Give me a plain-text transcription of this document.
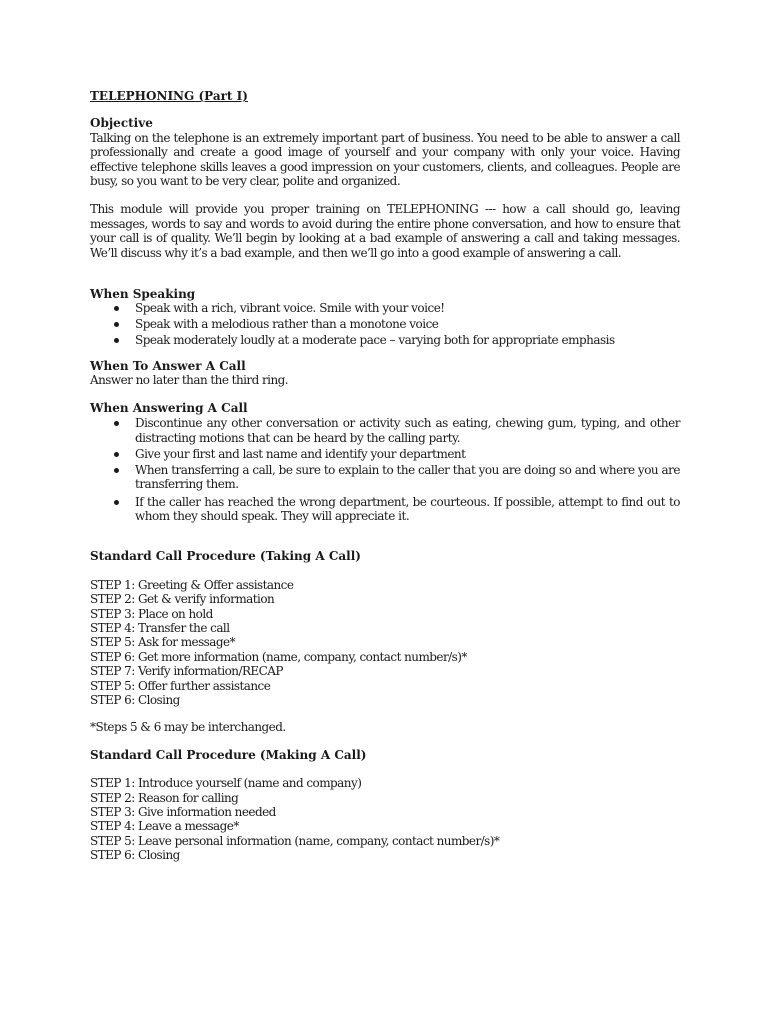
TELEPHONING (Part I)
Objective
Talking on the telephone is an extremely important part of business. You need to be able to answer a call professionally and create a good image of yourself and your company with only your voice. Having effective telephone skills leaves a good impression on your customers, clients, and colleagues. People are busy, so you want to be very clear, polite and organized.
This module will provide you proper training on TELEPHONING --- how a call should go, leaving messages, words to say and words to avoid during the entire phone conversation, and how to ensure that your call is of quality. We’ll begin by looking at a bad example of answering a call and taking messages. We’ll discuss why it’s a bad example, and then we’ll go into a good example of answering a call.
When Speaking
Speak with a rich, vibrant voice. Smile with your voice!
Speak with a melodious rather than a monotone voice
Speak moderately loudly at a moderate pace – varying both for appropriate emphasis
When To Answer A Call
Answer no later than the third ring.
When Answering A Call
Discontinue any other conversation or activity such as eating, chewing gum, typing, and other distracting motions that can be heard by the calling party.
Give your first and last name and identify your department
When transferring a call, be sure to explain to the caller that you are doing so and where you are transferring them.
If the caller has reached the wrong department, be courteous. If possible, attempt to find out to whom they should speak. They will appreciate it.
Standard Call Procedure (Taking A Call)
STEP 1: Greeting & Offer assistance
STEP 2: Get & verify information
STEP 3: Place on hold
STEP 4: Transfer the call
STEP 5: Ask for message*
STEP 6: Get more information (name, company, contact number/s)*
STEP 7: Verify information/RECAP
STEP 5: Offer further assistance
STEP 6: Closing
*Steps 5 & 6 may be interchanged.
Standard Call Procedure (Making A Call)
STEP 1: Introduce yourself (name and company)
STEP 2: Reason for calling
STEP 3: Give information needed
STEP 4: Leave a message*
STEP 5: Leave personal information (name, company, contact number/s)*
STEP 6: Closing
